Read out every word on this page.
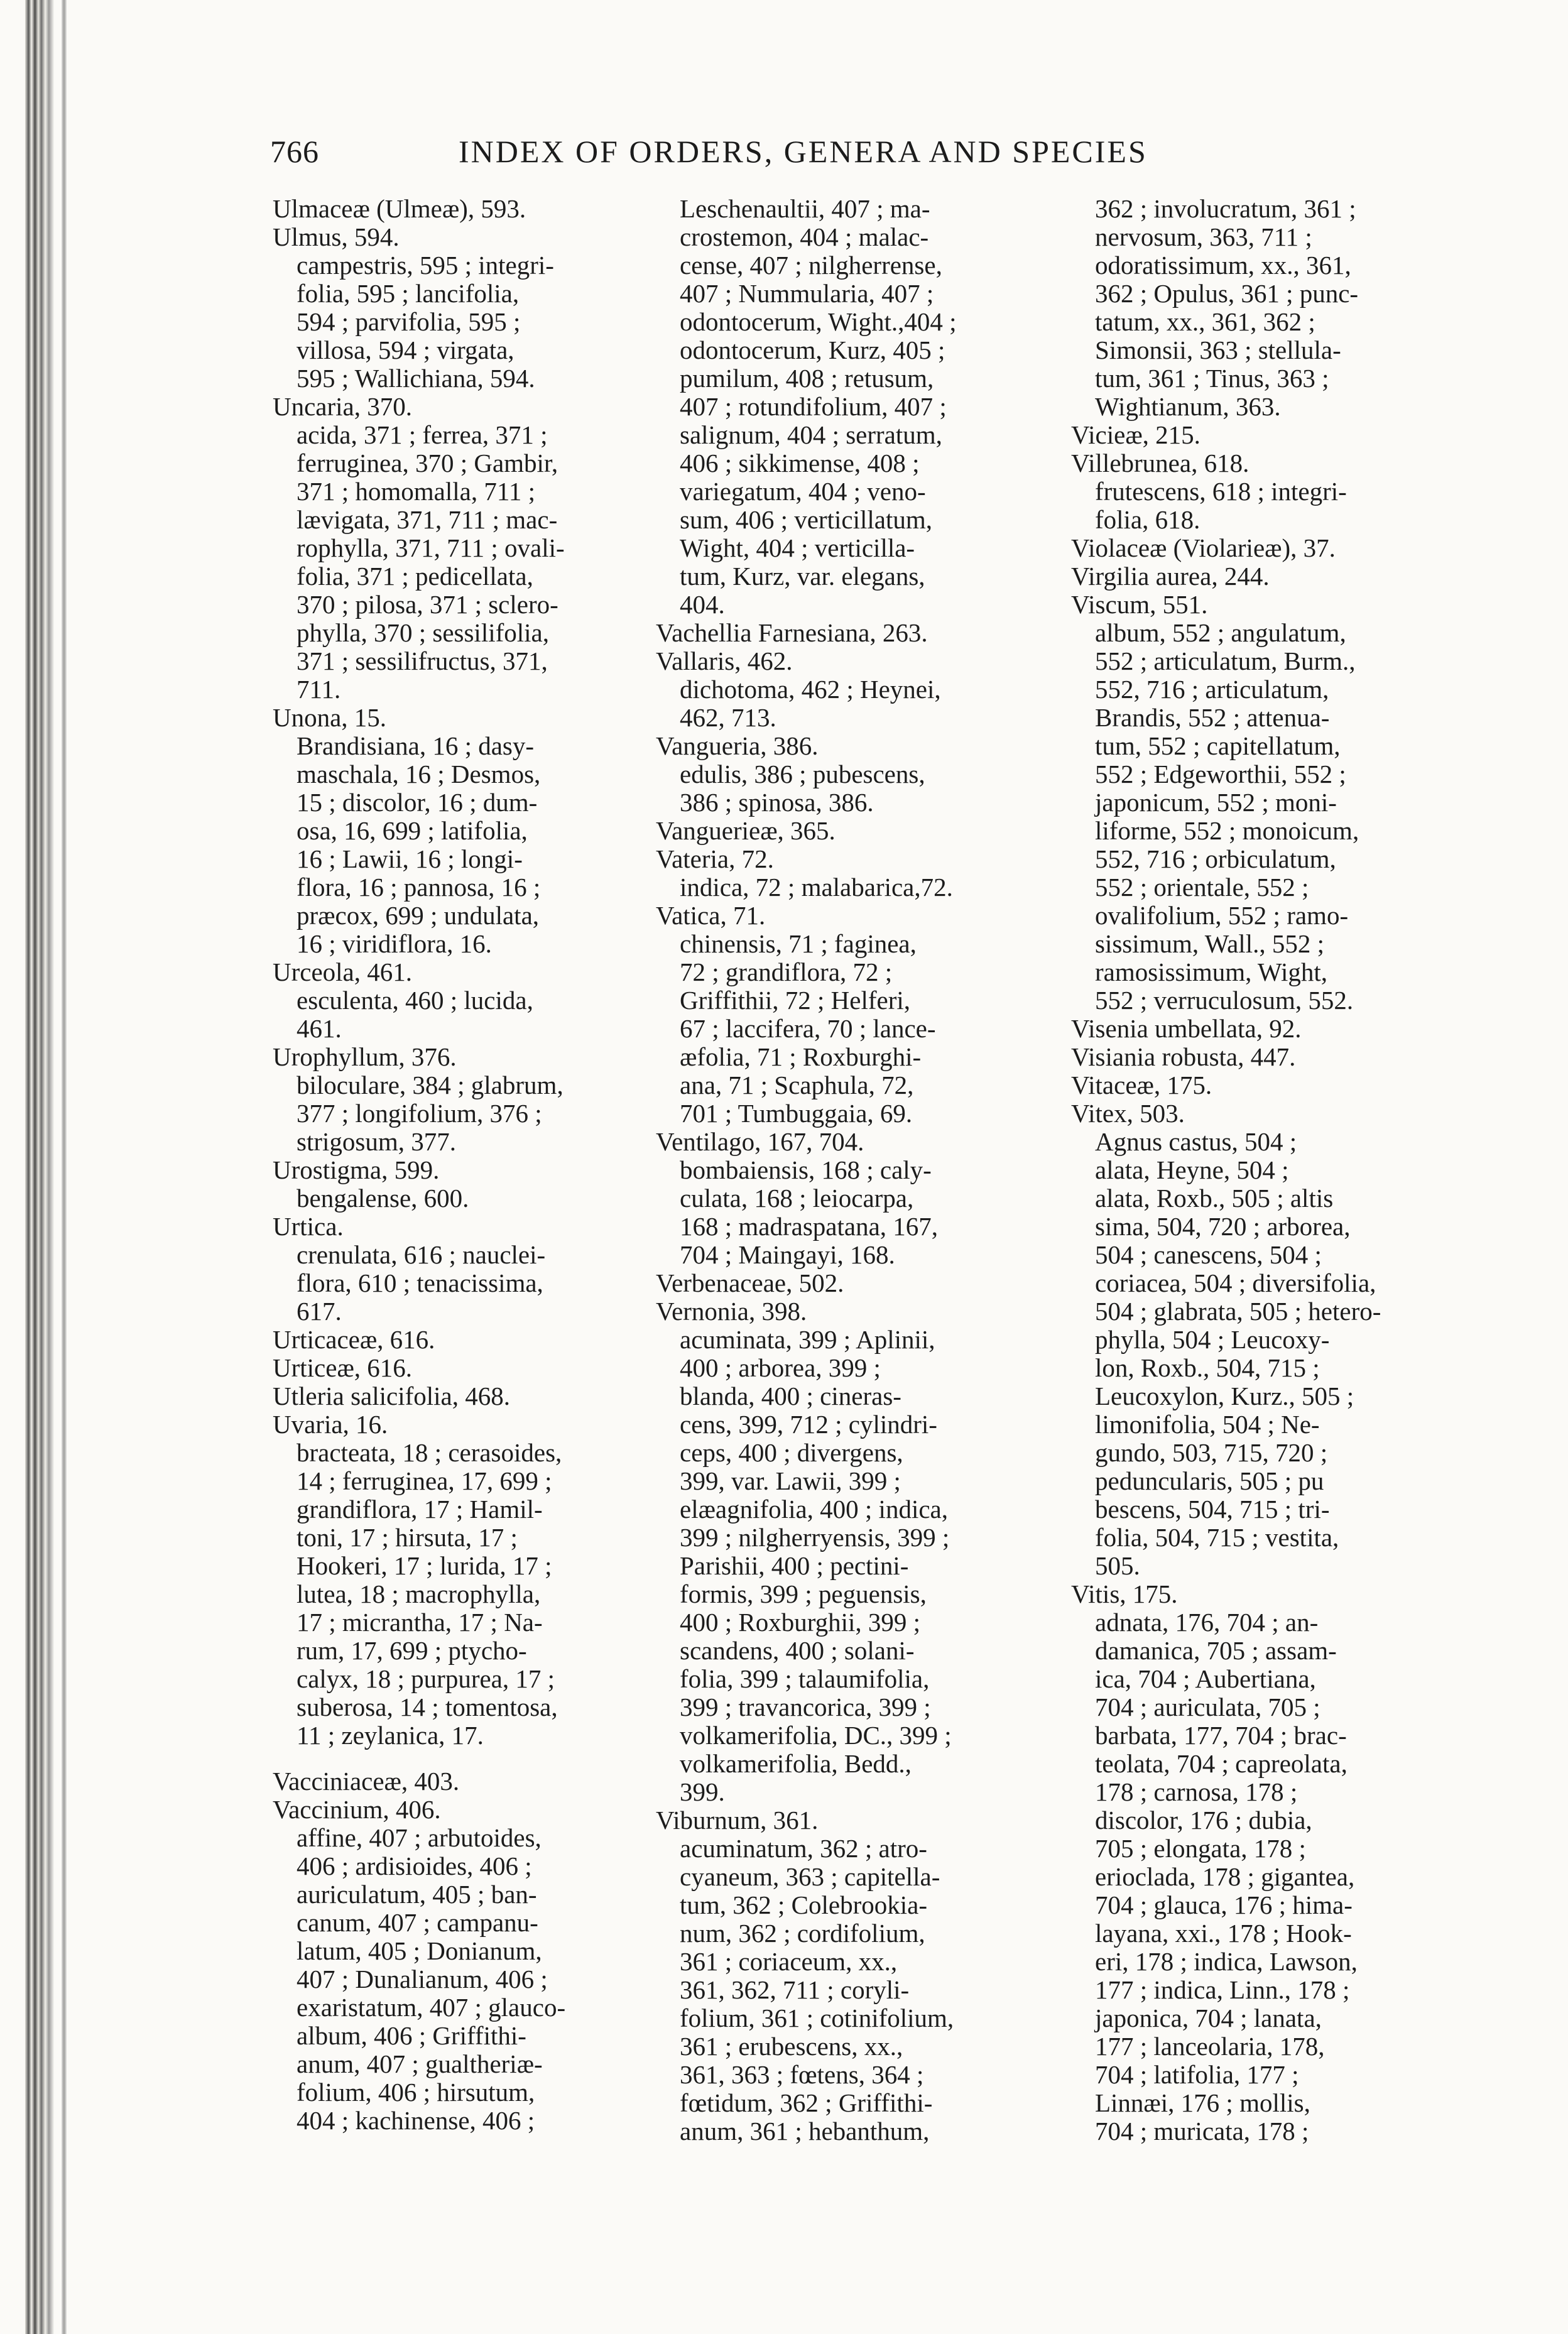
766	INDEX OF ORDERS, GENERA AND SPECIES
Ulmaceæ (Ulmeæ), 593.
Ulmus, 594.
campestris, 595 ; integri-
folia, 595 ; lancifolia,
594 ; parvifolia, 595 ;
villosa, 594 ; virgata,
595 ; Wallichiana, 594.
Uncaria, 370.
acida, 371 ; ferrea, 371 ;
ferruginea, 370 ; Gambir,
371 ; homomalla, 711 ;
lævigata, 371, 711 ; mac-
rophylla, 371, 711 ; ovali-
folia, 371 ; pedicellata,
370 ; pilosa, 371 ; sclero-
phylla, 370 ; sessilifolia,
371 ; sessilifructus, 371,
711.
Unona, 15.
Brandisiana, 16 ; dasy-
maschala, 16 ; Desmos,
15 ; discolor, 16 ; dum-
osa, 16, 699 ; latifolia,
16 ; Lawii, 16 ; longi-
flora, 16 ; pannosa, 16 ;
præcox, 699 ; undulata,
16 ; viridiflora, 16.
Urceola, 461.
esculenta, 460 ; lucida,
461.
Urophyllum, 376.
biloculare, 384 ; glabrum,
377 ; longifolium, 376 ;
strigosum, 377.
Urostigma, 599.
bengalense, 600.
Urtica.
crenulata, 616 ; nauclei-
flora, 610 ; tenacissima,
617.
Urticaceæ, 616.
Urticeæ, 616.
Utleria salicifolia, 468.
Uvaria, 16.
bracteata, 18 ; cerasoides,
14 ; ferruginea, 17, 699 ;
grandiflora, 17 ; Hamil-
toni, 17 ; hirsuta, 17 ;
Hookeri, 17 ; lurida, 17 ;
lutea, 18 ; macrophylla,
17 ; micrantha, 17 ; Na-
rum, 17, 699 ; ptycho-
calyx, 18 ; purpurea, 17 ;
suberosa, 14 ; tomentosa,
11 ; zeylanica, 17.
Vacciniaceæ, 403.
Vaccinium, 406.
affine, 407 ; arbutoides,
406 ; ardisioides, 406 ;
auriculatum, 405 ; ban-
canum, 407 ; campanu-
latum, 405 ; Donianum,
407 ; Dunalianum, 406 ;
exaristatum, 407 ; glauco-
album, 406 ; Griffithi-
anum, 407 ; gualtheriæ-
folium, 406 ; hirsutum,
404 ; kachinense, 406 ;
Leschenaultii, 407 ; ma-
crostemon, 404 ; malac-
cense, 407 ; nilgherrense,
407 ; Nummularia, 407 ;
odontocerum, Wight.,404 ;
odontocerum, Kurz, 405 ;
pumilum, 408 ; retusum,
407 ; rotundifolium, 407 ;
salignum, 404 ; serratum,
406 ; sikkimense, 408 ;
variegatum, 404 ; veno-
sum, 406 ; verticillatum,
Wight, 404 ; verticilla-
tum, Kurz, var. elegans,
404.
Vachellia Farnesiana, 263.
Vallaris, 462.
dichotoma, 462 ; Heynei,
462, 713.
Vangueria, 386.
edulis, 386 ; pubescens,
386 ; spinosa, 386.
Vanguerieæ, 365.
Vateria, 72.
indica, 72 ; malabarica,72.
Vatica, 71.
chinensis, 71 ; faginea,
72 ; grandiflora, 72 ;
Griffithii, 72 ; Helferi,
67 ; laccifera, 70 ; lance-
æfolia, 71 ; Roxburghi-
ana, 71 ; Scaphula, 72,
701 ; Tumbuggaia, 69.
Ventilago, 167, 704.
bombaiensis, 168 ; caly-
culata, 168 ; leiocarpa,
168 ; madraspatana, 167,
704 ; Maingayi, 168.
Verbenaceae, 502.
Vernonia, 398.
acuminata, 399 ; Aplinii,
400 ; arborea, 399 ;
blanda, 400 ; cineras-
cens, 399, 712 ; cylindri-
ceps, 400 ; divergens,
399, var. Lawii, 399 ;
elæagnifolia, 400 ; indica,
399 ; nilgherryensis, 399 ;
Parishii, 400 ; pectini-
formis, 399 ; peguensis,
400 ; Roxburghii, 399 ;
scandens, 400 ; solani-
folia, 399 ; talaumifolia,
399 ; travancorica, 399 ;
volkamerifolia, DC., 399 ;
volkamerifolia, Bedd.,
399.
Viburnum, 361.
acuminatum, 362 ; atro-
cyaneum, 363 ; capitella-
tum, 362 ; Colebrookia-
num, 362 ; cordifolium,
361 ; coriaceum, xx.,
361, 362, 711 ; coryli-
folium, 361 ; cotinifolium,
361 ; erubescens, xx.,
361, 363 ; fœtens, 364 ;
fœtidum, 362 ; Griffithi-
anum, 361 ; hebanthum,
362 ; involucratum, 361 ;
nervosum, 363, 711 ;
odoratissimum, xx., 361,
362 ; Opulus, 361 ; punc-
tatum, xx., 361, 362 ;
Simonsii, 363 ; stellula-
tum, 361 ; Tinus, 363 ;
Wightianum, 363.
Vicieæ, 215.
Villebrunea, 618.
frutescens, 618 ; integri-
folia, 618.
Violaceæ (Violarieæ), 37.
Virgilia aurea, 244.
Viscum, 551.
album, 552 ; angulatum,
552 ; articulatum, Burm.,
552, 716 ; articulatum,
Brandis, 552 ; attenua-
tum, 552 ; capitellatum,
552 ; Edgeworthii, 552 ;
japonicum, 552 ; moni-
liforme, 552 ; monoicum,
552, 716 ; orbiculatum,
552 ; orientale, 552 ;
ovalifolium, 552 ; ramo-
sissimum, Wall., 552 ;
ramosissimum, Wight,
552 ; verruculosum, 552.
Visenia umbellata, 92.
Visiania robusta, 447.
Vitaceæ, 175.
Vitex, 503.
Agnus castus, 504 ;
alata, Heyne, 504 ;
alata, Roxb., 505 ; altis
sima, 504, 720 ; arborea,
504 ; canescens, 504 ;
coriacea, 504 ; diversifolia,
504 ; glabrata, 505 ; hetero-
phylla, 504 ; Leucoxy-
lon, Roxb., 504, 715 ;
Leucoxylon, Kurz., 505 ;
limonifolia, 504 ; Ne-
gundo, 503, 715, 720 ;
peduncularis, 505 ; pu
bescens, 504, 715 ; tri-
folia, 504, 715 ; vestita,
505.
Vitis, 175.
adnata, 176, 704 ; an-
damanica, 705 ; assam-
ica, 704 ; Aubertiana,
704 ; auriculata, 705 ;
barbata, 177, 704 ; brac-
teolata, 704 ; capreolata,
178 ; carnosa, 178 ;
discolor, 176 ; dubia,
705 ; elongata, 178 ;
erioclada, 178 ; gigantea,
704 ; glauca, 176 ; hima-
layana, xxi., 178 ; Hook-
eri, 178 ; indica, Lawson,
177 ; indica, Linn., 178 ;
japonica, 704 ; lanata,
177 ; lanceolaria, 178,
704 ; latifolia, 177 ;
Linnæi, 176 ; mollis,
704 ; muricata, 178 ;
